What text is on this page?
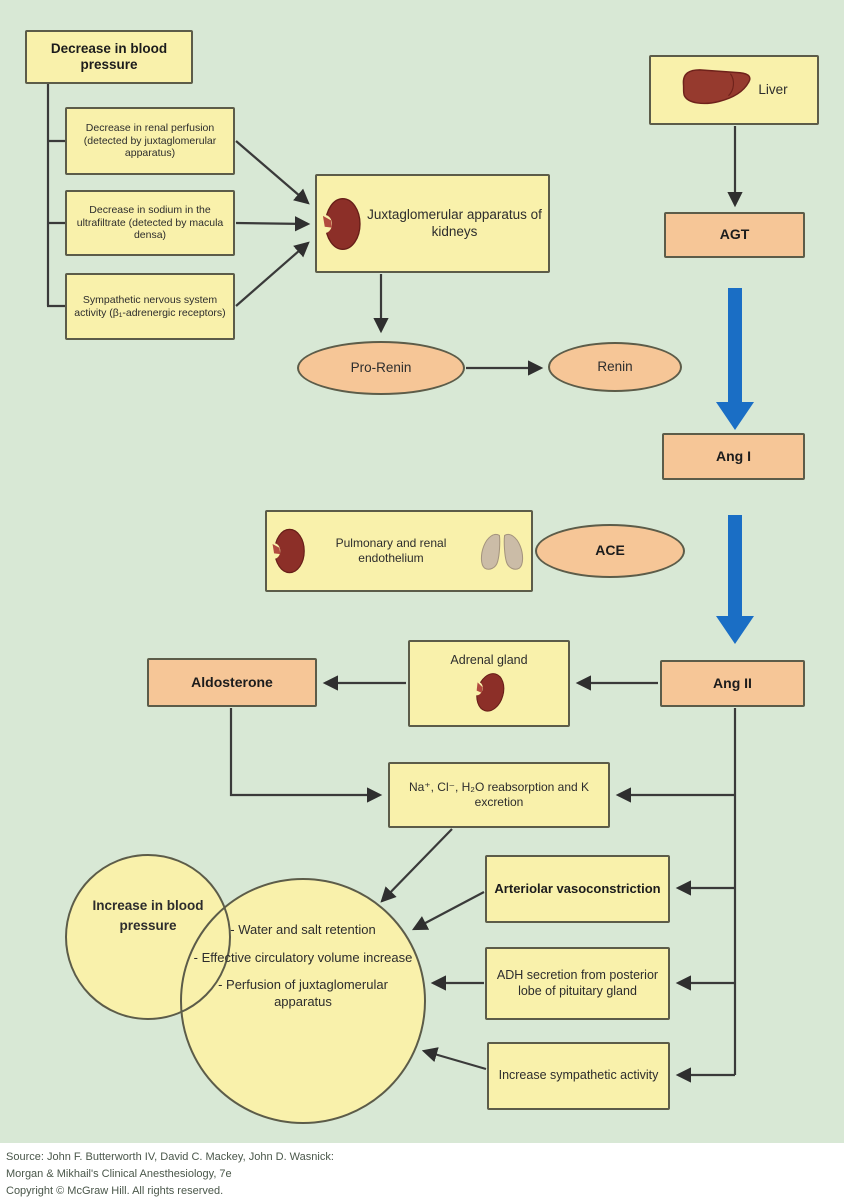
Decrease in blood pressure
Decrease in renal perfusion (detected by juxtaglomerular apparatus)
Decrease in sodium in the ultrafiltrate (detected by macula densa)
Sympathetic nervous system activity (β₁-adrenergic receptors)
Juxtaglomerular apparatus of kidneys
Pro-Renin	Renin
Liver
AGT
Ang I
Pulmonary and renal endothelium	ACE
Ang II
Adrenal gland
Aldosterone
Na⁺, Cl⁻, H₂O reabsorption and K excretion
Arteriolar vasoconstriction
ADH secretion from posterior lobe of pituitary gland
Increase sympathetic activity
Increase in blood pressure	- Water and salt retention
- Effective circulatory volume increase
- Perfusion of juxtaglomerular apparatus
Source: John F. Butterworth IV, David C. Mackey, John D. Wasnick:
Morgan & Mikhail's Clinical Anesthesiology, 7e
Copyright © McGraw Hill. All rights reserved.
